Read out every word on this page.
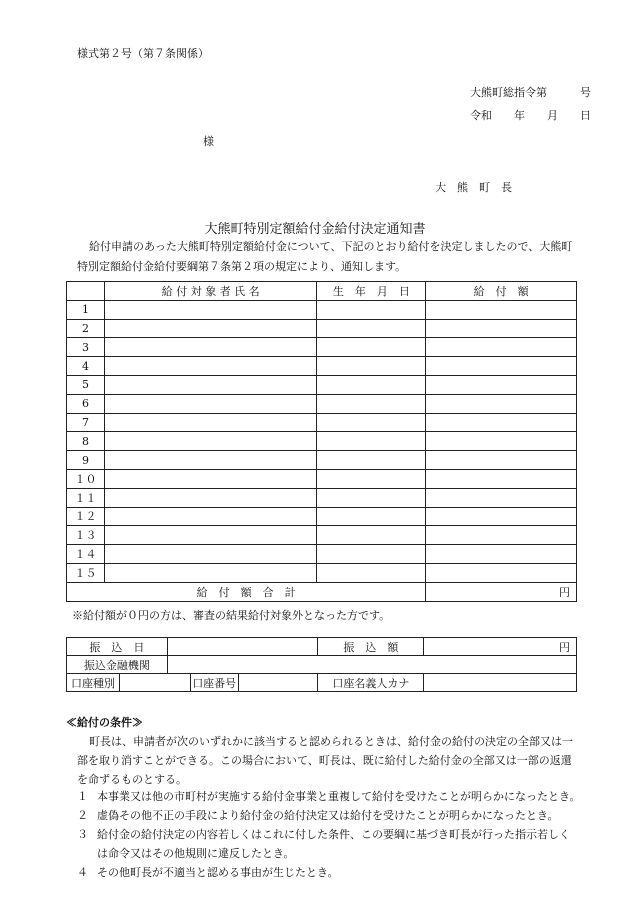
様式第２号（第７条関係）
大熊町総指令第　　　号
令和　　年　　月　　日
様
大　熊　町　長
大熊町特別定額給付金給付決定通知書
給付申請のあった大熊町特別定額給付金について、下記のとおり給付を決定しましたので、大熊町
特別定額給付金給付要綱第７条第２項の規定により、通知します。
	給 付 対 象 者 氏 名	生　年　月　日	給　付　額
1			
2			
3			
4			
5			
6			
7			
8			
9			
１０			
１１			
１２			
１３			
１４			
１５			
給　付　額　合　計			円
※給付額が０円の方は、審査の結果給付対象外となった方です。
振　込　日					振　込　額	円
振込金融機関						
口座種別			口座番号		口座名義人カナ	
≪給付の条件≫
町長は、申請者が次のいずれかに該当すると認められるときは、給付金の給付の決定の全部又は一
部を取り消すことができる。この場合において、町長は、既に給付した給付金の全部又は一部の返還
を命ずるものとする。
１ 本事業又は他の市町村が実施する給付金事業と重複して給付を受けたことが明らかになったとき。
２ 虚偽その他不正の手段により給付金の給付決定又は給付を受けたことが明らかになったとき。
３ 給付金の給付決定の内容若しくはこれに付した条件、この要綱に基づき町長が行った指示若しく
は命令又はその他規則に違反したとき。
４ その他町長が不適当と認める事由が生じたとき。
